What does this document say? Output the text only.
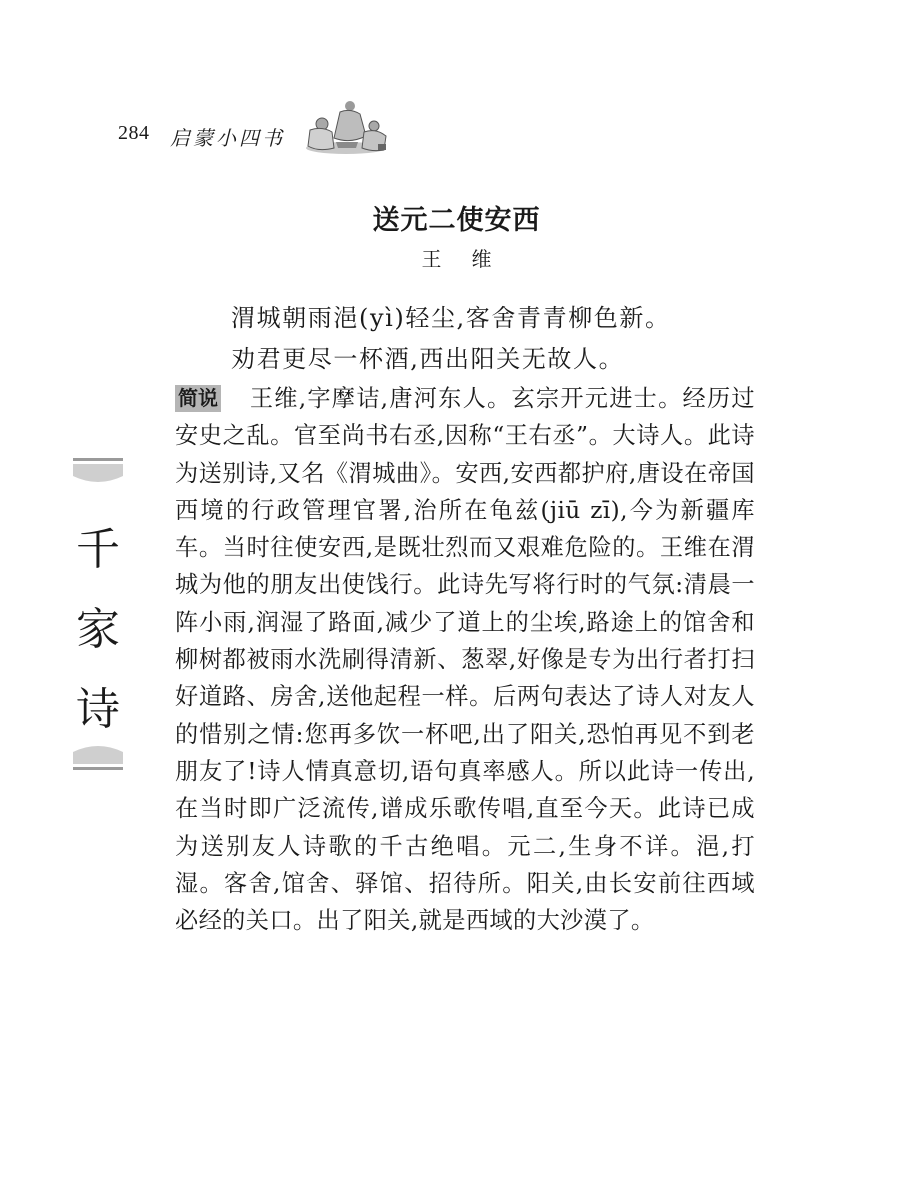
284 启蒙小四书
送元二使安西
王维
渭城朝雨浥(yì)轻尘,客舍青青柳色新。
劝君更尽一杯酒,西出阳关无故人。
千
家
诗
简说 王维,字摩诘,唐河东人。玄宗开元进士。经历过安史之乱。官至尚书右丞,因称“王右丞”。大诗人。此诗为送别诗,又名《渭城曲》。安西,安西都护府,唐设在帝国西境的行政管理官署,治所在龟兹(jiū zī),今为新疆库车。当时往使安西,是既壮烈而又艰难危险的。王维在渭城为他的朋友出使饯行。此诗先写将行时的气氛:清晨一阵小雨,润湿了路面,减少了道上的尘埃,路途上的馆舍和柳树都被雨水洗刷得清新、葱翠,好像是专为出行者打扫好道路、房舍,送他起程一样。后两句表达了诗人对友人的惜别之情:您再多饮一杯吧,出了阳关,恐怕再见不到老朋友了!诗人情真意切,语句真率感人。所以此诗一传出,在当时即广泛流传,谱成乐歌传唱,直至今天。此诗已成为送别友人诗歌的千古绝唱。元二,生身不详。浥,打湿。客舍,馆舍、驿馆、招待所。阳关,由长安前往西域必经的关口。出了阳关,就是西域的大沙漠了。
